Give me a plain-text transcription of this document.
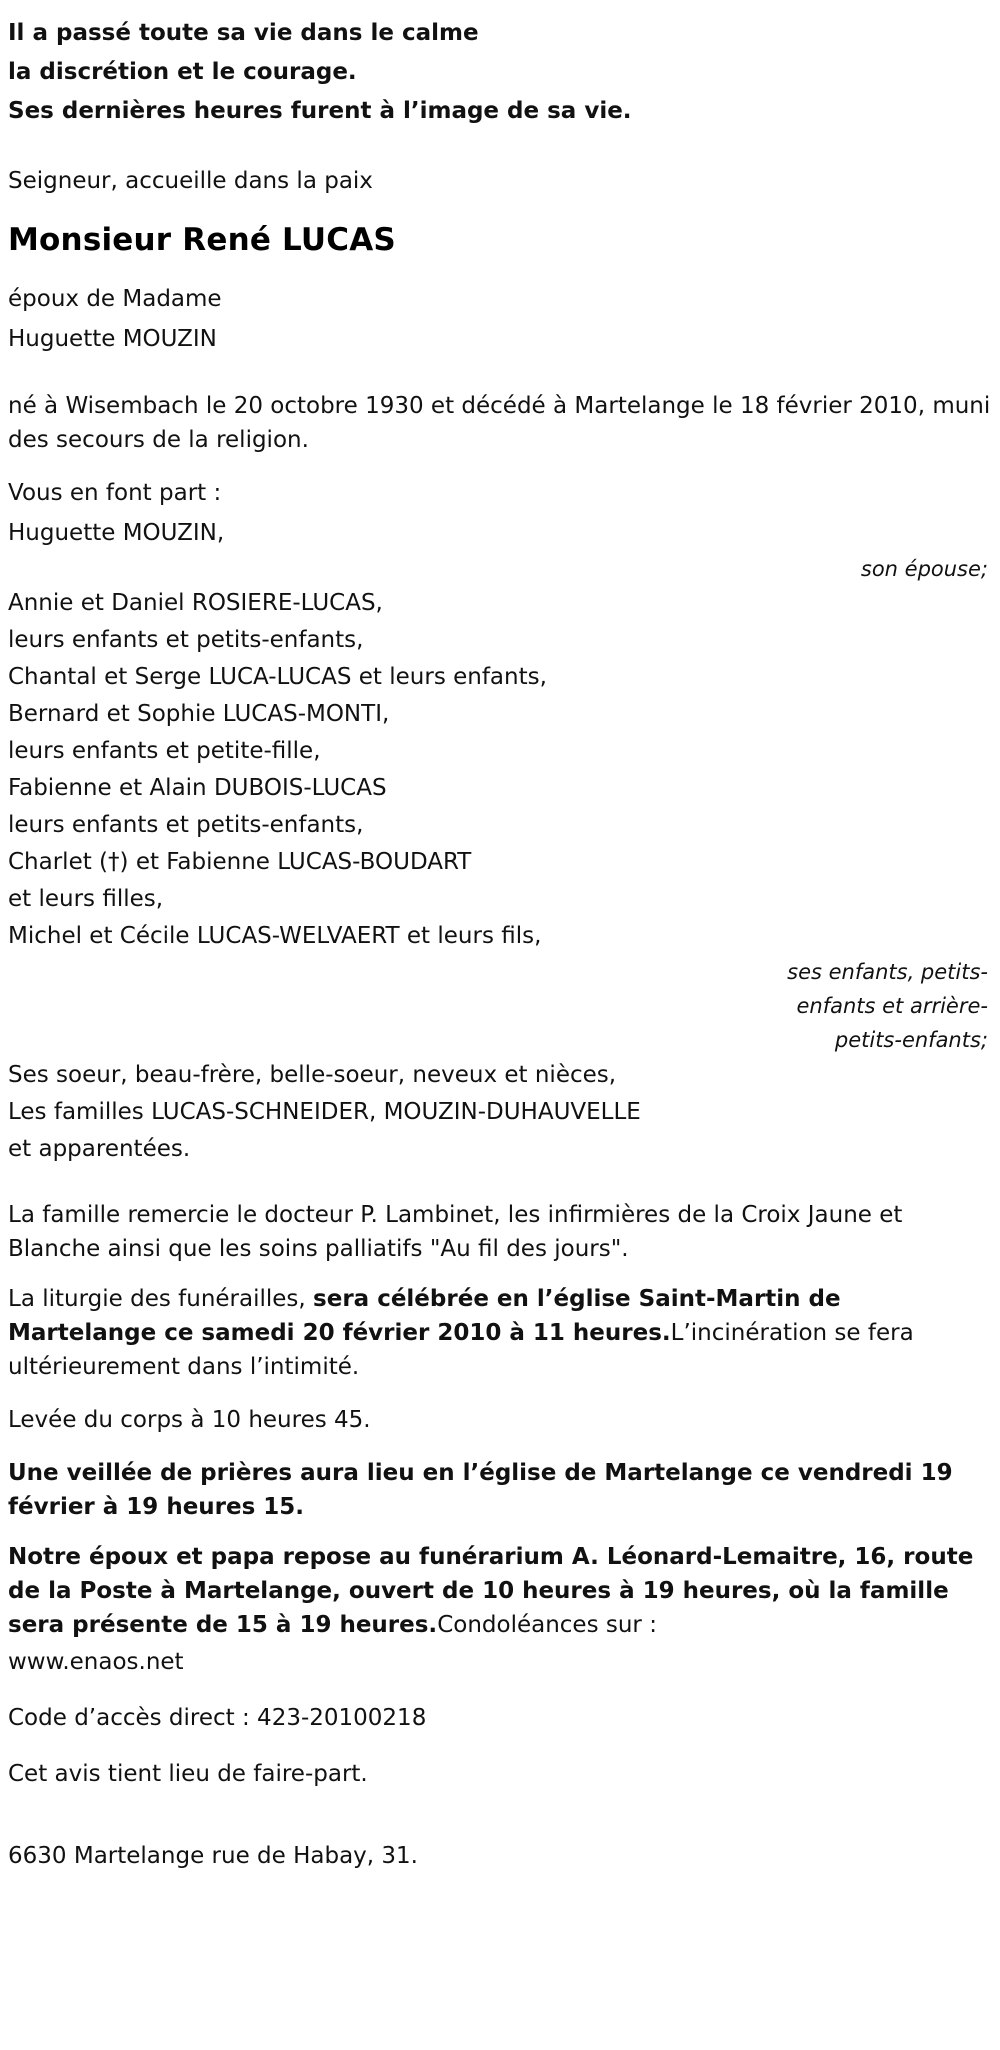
Il a passé toute sa vie dans le calme
la discrétion et le courage.
Ses dernières heures furent à l’image de sa vie.
Seigneur, accueille dans la paix
Monsieur René LUCAS
époux de Madame
Huguette MOUZIN
né à Wisembach le 20 octobre 1930 et décédé à Martelange le 18 février 2010, muni des secours de la religion.
Vous en font part :
Huguette MOUZIN,
son épouse;
Annie et Daniel ROSIERE-LUCAS,
leurs enfants et petits-enfants,
Chantal et Serge LUCA-LUCAS et leurs enfants,
Bernard et Sophie LUCAS-MONTI,
leurs enfants et petite-fille,
Fabienne et Alain DUBOIS-LUCAS
leurs enfants et petits-enfants,
Charlet (†) et Fabienne LUCAS-BOUDART
et leurs filles,
Michel et Cécile LUCAS-WELVAERT et leurs fils,
ses enfants, petits-
enfants et arrière-
petits-enfants;
Ses soeur, beau-frère, belle-soeur, neveux et nièces,
Les familles LUCAS-SCHNEIDER, MOUZIN-DUHAUVELLE
et apparentées.
La famille remercie le docteur P. Lambinet, les infirmières de la Croix Jaune et Blanche ainsi que les soins palliatifs "Au fil des jours".
La liturgie des funérailles, sera célébrée en l’église Saint-Martin de Martelange ce samedi 20 février 2010 à 11 heures.L’incinération se fera ultérieurement dans l’intimité.
Levée du corps à 10 heures 45.
Une veillée de prières aura lieu en l’église de Martelange ce vendredi 19 février à 19 heures 15.
Notre époux et papa repose au funérarium A. Léonard-Lemaitre, 16, route de la Poste à Martelange, ouvert de 10 heures à 19 heures, où la famille sera présente de 15 à 19 heures.Condoléances sur :
www.enaos.net
Code d’accès direct : 423-20100218
Cet avis tient lieu de faire-part.
6630 Martelange rue de Habay, 31.
